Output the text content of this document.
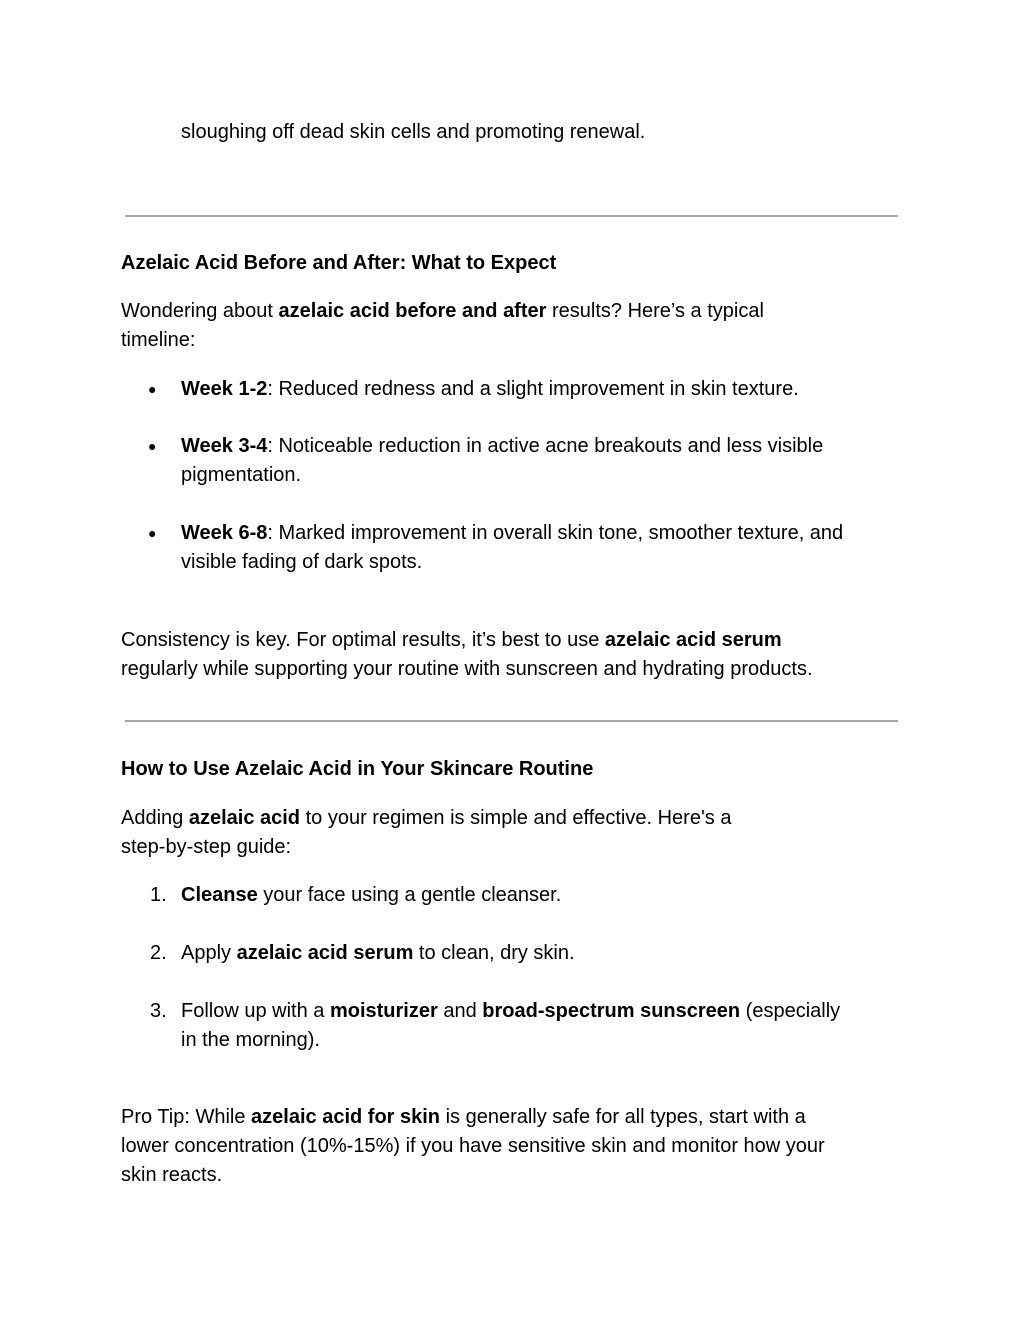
sloughing off dead skin cells and promoting renewal.

Azelaic Acid Before and After: What to Expect

Wondering about azelaic acid before and after results? Here’s a typical
timeline:

●	Week 1-2: Reduced redness and a slight improvement in skin texture.

●	Week 3-4: Noticeable reduction in active acne breakouts and less visible
pigmentation.

●	Week 6-8: Marked improvement in overall skin tone, smoother texture, and
visible fading of dark spots.

Consistency is key. For optimal results, it’s best to use azelaic acid serum
regularly while supporting your routine with sunscreen and hydrating products.

How to Use Azelaic Acid in Your Skincare Routine

Adding azelaic acid to your regimen is simple and effective. Here's a
step-by-step guide:

1. Cleanse your face using a gentle cleanser.

2. Apply azelaic acid serum to clean, dry skin.

3. Follow up with a moisturizer and broad-spectrum sunscreen (especially
in the morning).

Pro Tip: While azelaic acid for skin is generally safe for all types, start with a
lower concentration (10%-15%) if you have sensitive skin and monitor how your
skin reacts.
